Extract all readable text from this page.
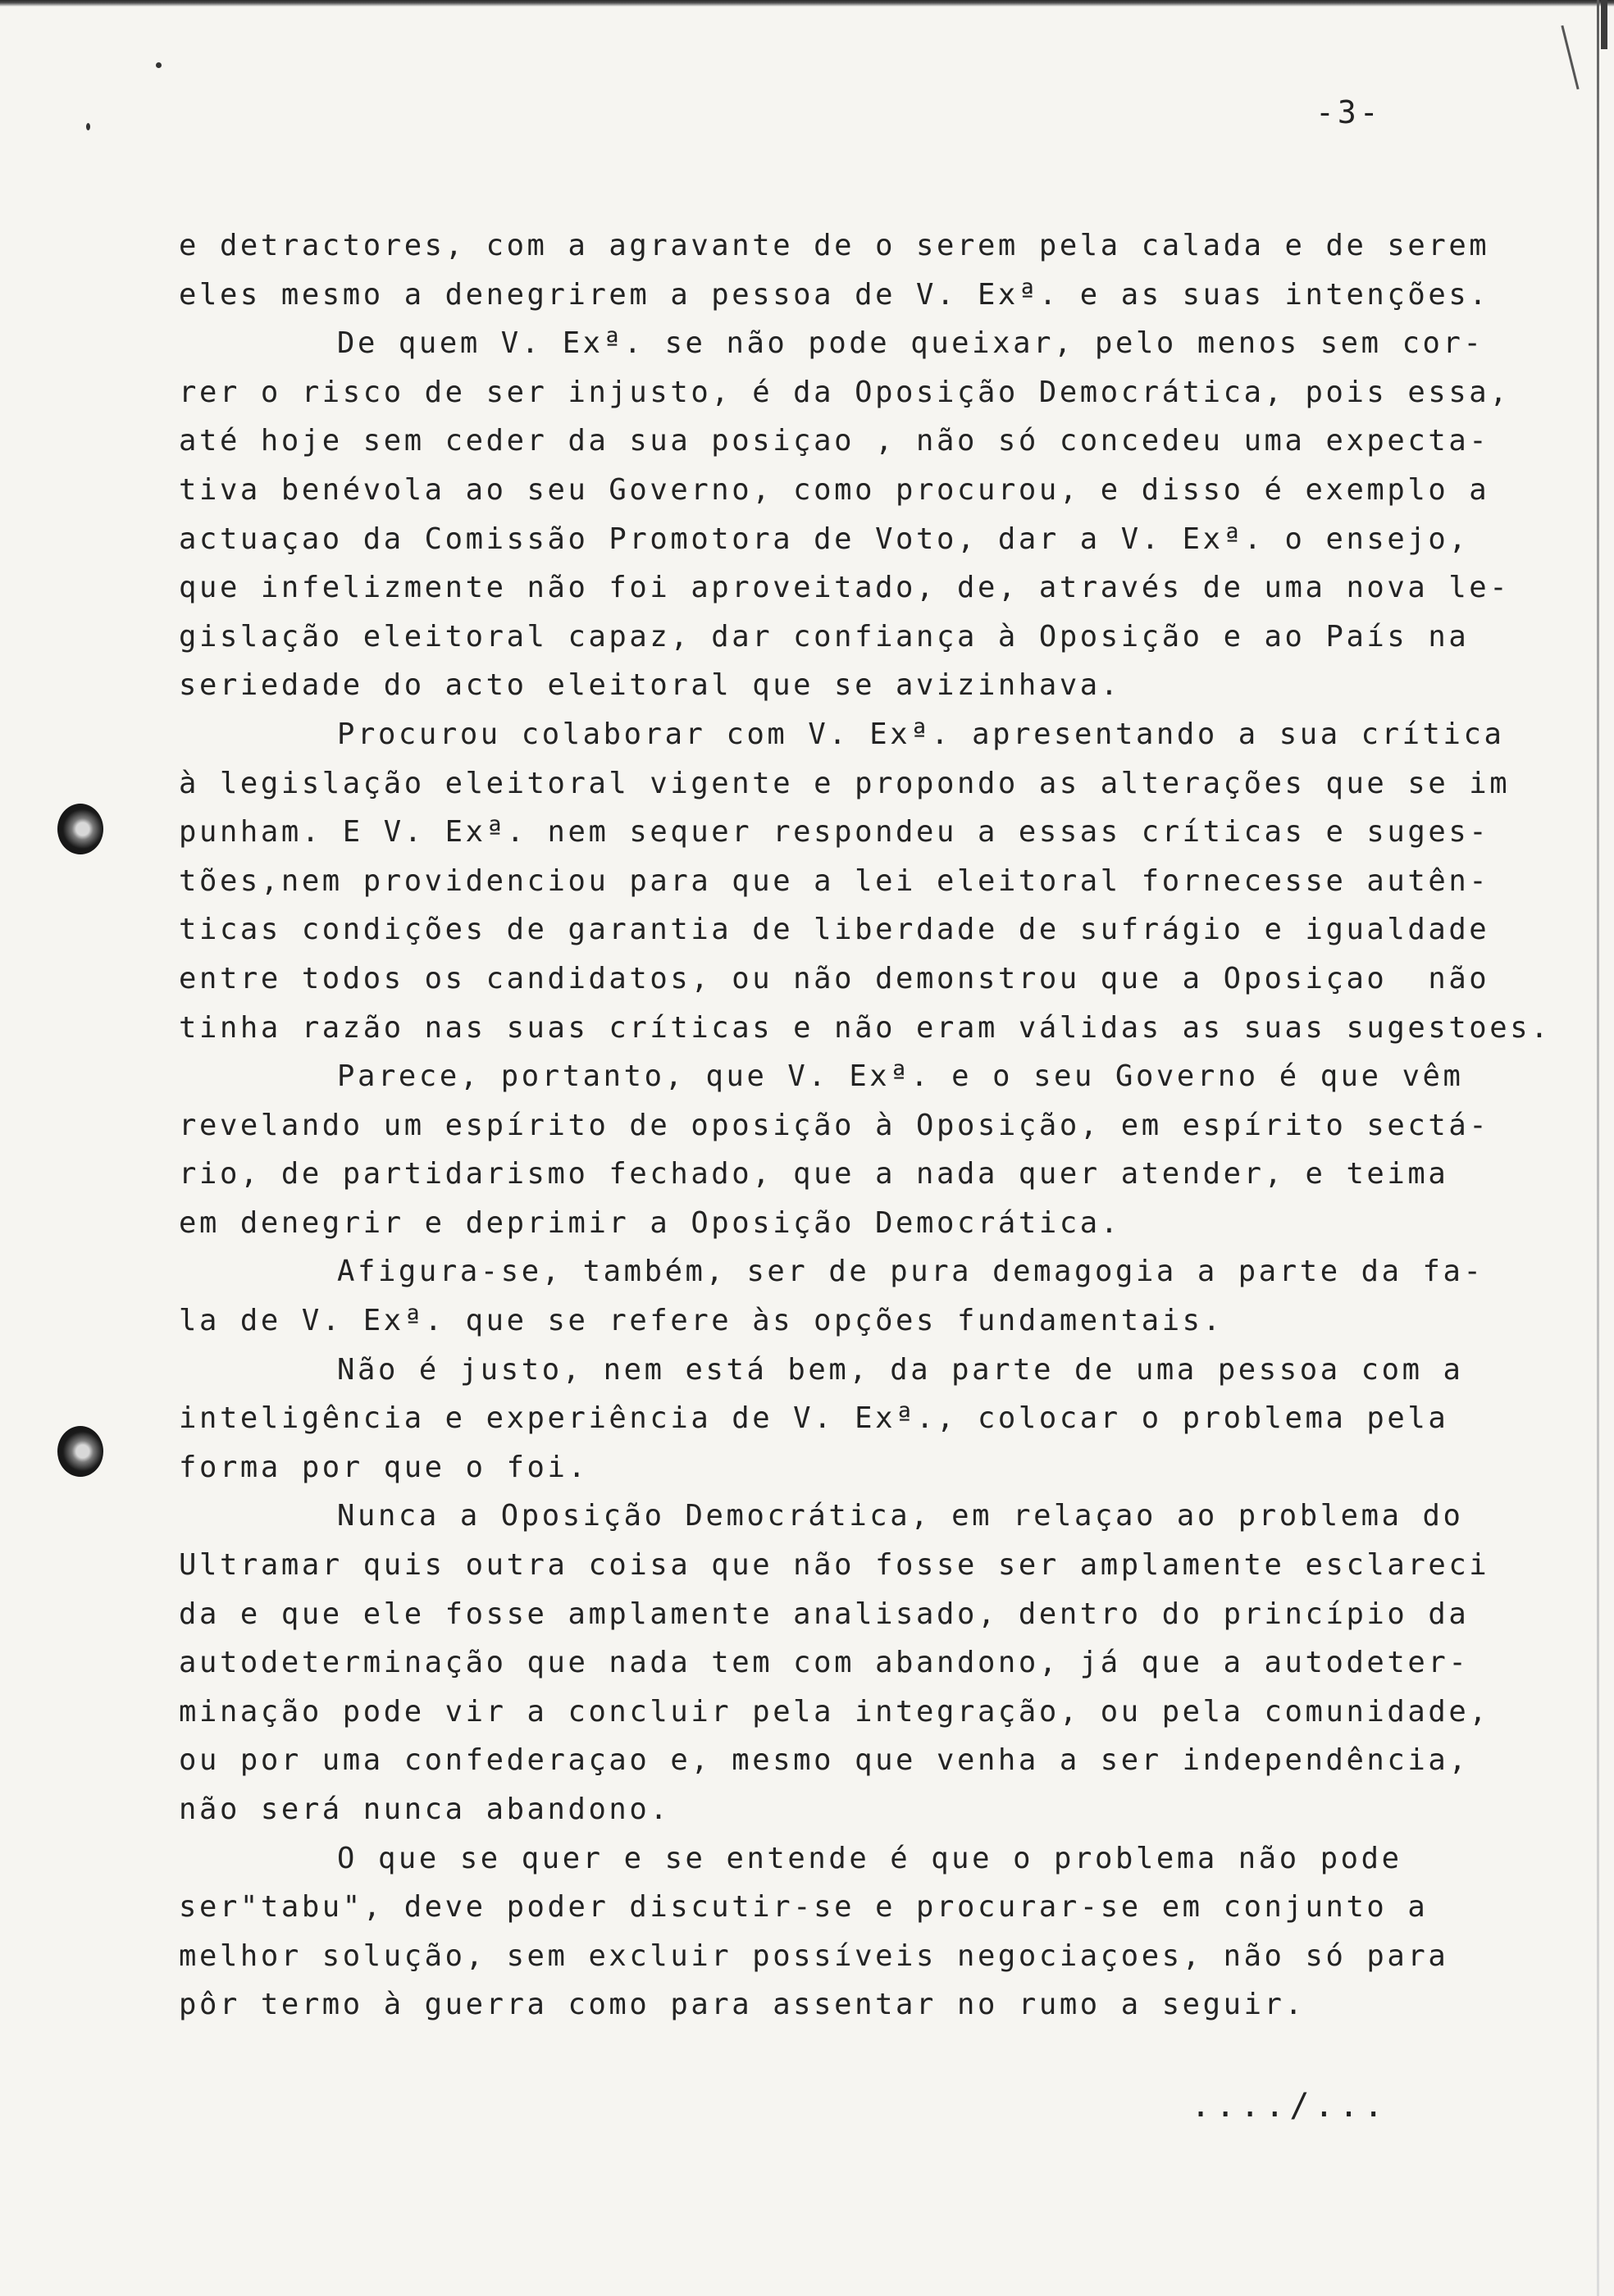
-3-
e detractores, com a agravante de o serem pela calada e de serem
eles mesmo a denegrirem a pessoa de V. Exª. e as suas intenções.
De quem V. Exª. se não pode queixar, pelo menos sem cor-
rer o risco de ser injusto, é da Oposição Democrática, pois essa,
até hoje sem ceder da sua posiçao , não só concedeu uma expecta-
tiva benévola ao seu Governo, como procurou, e disso é exemplo a
actuaçao da Comissão Promotora de Voto, dar a V. Exª. o ensejo,
que infelizmente não foi aproveitado, de, através de uma nova le-
gislação eleitoral capaz, dar confiança à Oposição e ao País na
seriedade do acto eleitoral que se avizinhava.
Procurou colaborar com V. Exª. apresentando a sua crítica
à legislação eleitoral vigente e propondo as alterações que se im
punham. E V. Exª. nem sequer respondeu a essas críticas e suges-
tões,nem providenciou para que a lei eleitoral fornecesse autên-
ticas condições de garantia de liberdade de sufrágio e igualdade
entre todos os candidatos, ou não demonstrou que a Oposiçao  não
tinha razão nas suas críticas e não eram válidas as suas sugestoes.
Parece, portanto, que V. Exª. e o seu Governo é que vêm
revelando um espírito de oposição à Oposição, em espírito sectá-
rio, de partidarismo fechado, que a nada quer atender, e teima
em denegrir e deprimir a Oposição Democrática.
Afigura-se, também, ser de pura demagogia a parte da fa-
la de V. Exª. que se refere às opções fundamentais.
Não é justo, nem está bem, da parte de uma pessoa com a
inteligência e experiência de V. Exª., colocar o problema pela
forma por que o foi.
Nunca a Oposição Democrática, em relaçao ao problema do
Ultramar quis outra coisa que não fosse ser amplamente esclareci
da e que ele fosse amplamente analisado, dentro do princípio da
autodeterminação que nada tem com abandono, já que a autodeter-
minação pode vir a concluir pela integração, ou pela comunidade,
ou por uma confederaçao e, mesmo que venha a ser independência,
não será nunca abandono.
O que se quer e se entende é que o problema não pode
ser"tabu", deve poder discutir-se e procurar-se em conjunto a
melhor solução, sem excluir possíveis negociaçoes, não só para
pôr termo à guerra como para assentar no rumo a seguir.

..../...
